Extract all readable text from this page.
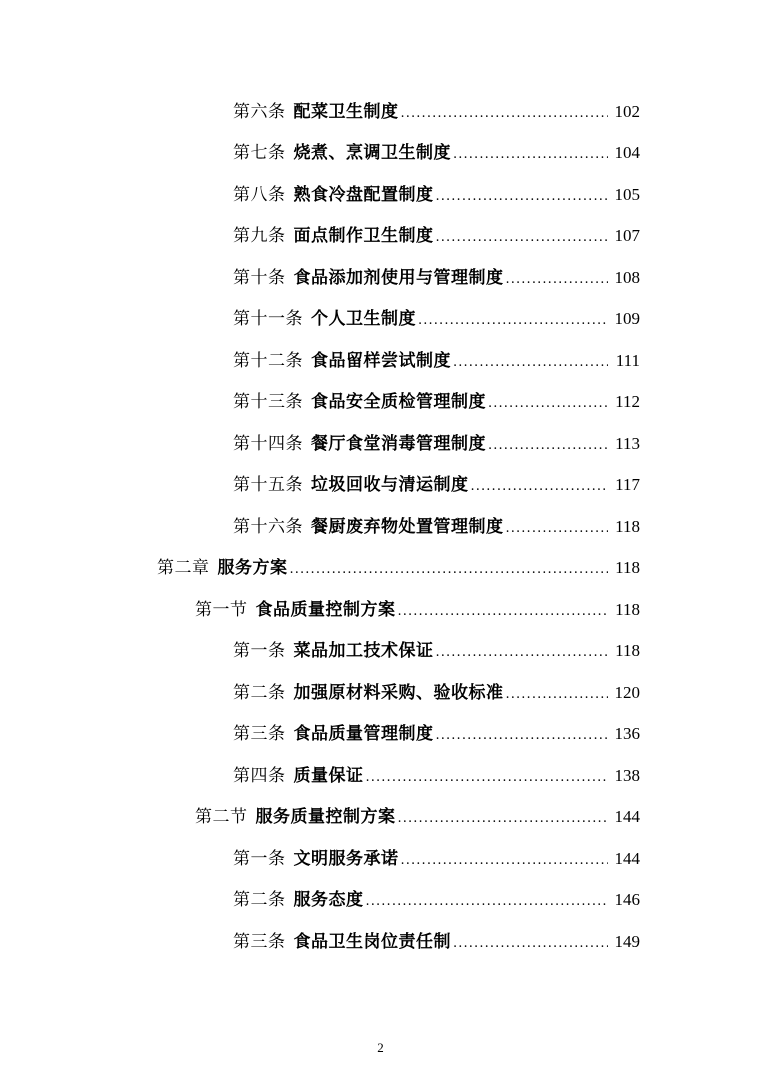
第六条 配菜卫生制度 . . .	102
第七条 烧煮、烹调卫生制度 . . .	104
第八条 熟食冷盘配置制度 . . .	105
第九条 面点制作卫生制度 . . .	107
第十条 食品添加剂使用与管理制度 . . .	108
第十一条 个人卫生制度 . . .	109
第十二条 食品留样尝试制度 . . .	111
第十三条 食品安全质检管理制度 . . .	112
第十四条 餐厅食堂消毒管理制度 . . .	113
第十五条 垃圾回收与清运制度 . . .	117
第十六条 餐厨废弃物处置管理制度 . . .	118
第二章 服务方案 . . .	118
第一节 食品质量控制方案 . . .	118
第一条 菜品加工技术保证 . . .	118
第二条 加强原材料采购、验收标准 . . .	120
第三条 食品质量管理制度 . . .	136
第四条 质量保证 . . .	138
第二节 服务质量控制方案 . . .	144
第一条 文明服务承诺 . . .	144
第二条 服务态度 . . .	146
第三条 食品卫生岗位责任制 . . .	149
2
